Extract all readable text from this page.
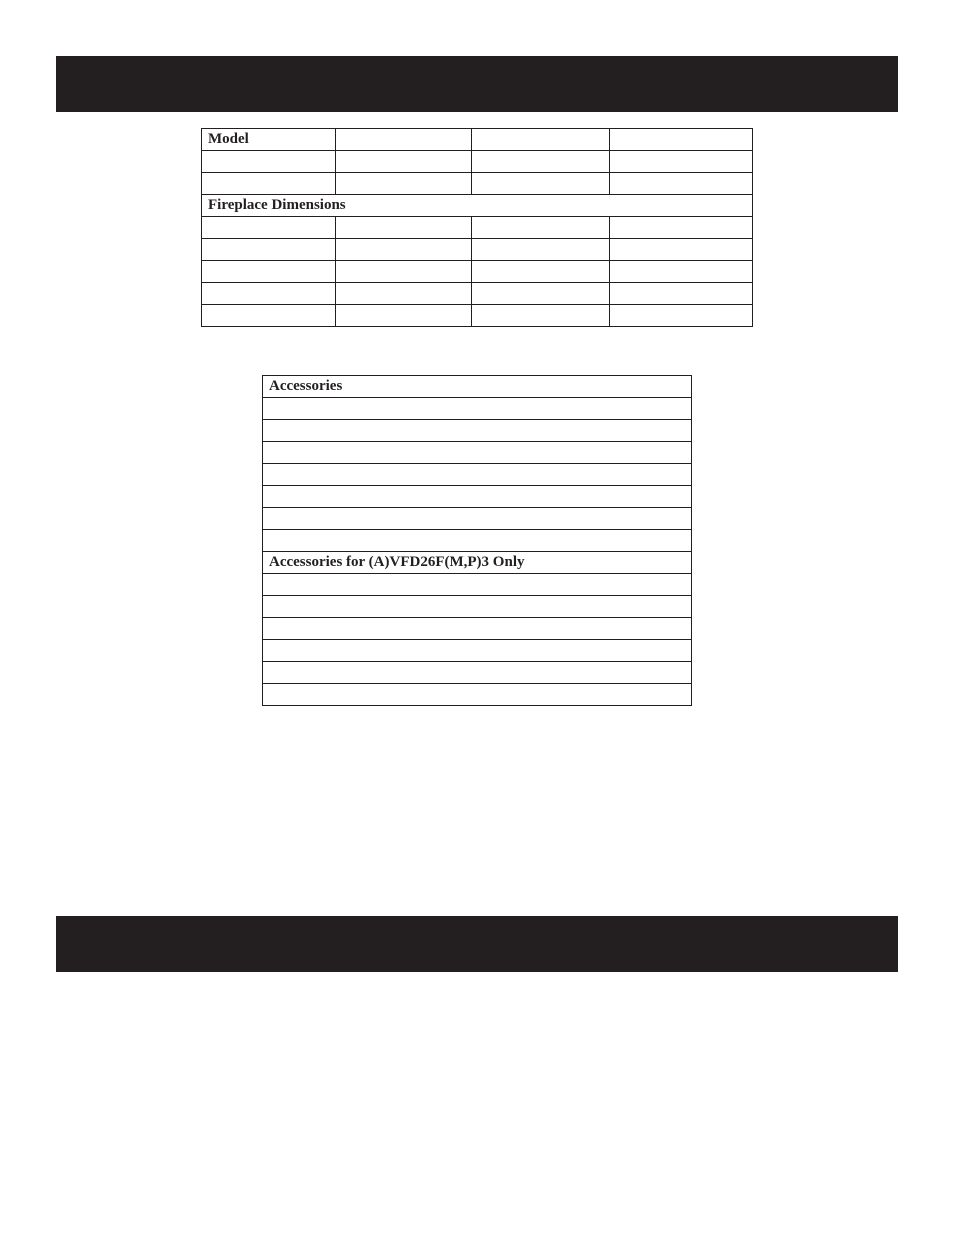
Model			

Fireplace Dimensions			

Accessories

Accessories for (A)VFD26F(M,P)3 Only
